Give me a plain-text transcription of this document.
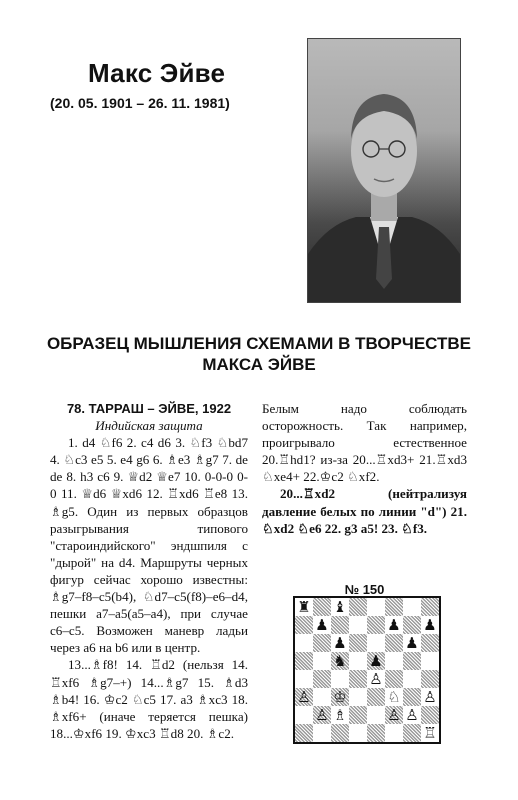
Макс Эйве
(20. 05. 1901 – 26. 11. 1981)
ОБРАЗЕЦ МЫШЛЕНИЯ СХЕМАМИ В ТВОРЧЕСТВЕ
МАКСА ЭЙВЕ

78. ТАРРАШ – ЭЙВЕ, 1922

Индийская защита

1. d4 ♘f6 2. c4 d6 3. ♘f3 ♘bd7 4. ♘c3 e5 5. e4 g6 6. ♗e3 ♗g7 7. de de 8. h3 c6 9. ♕d2 ♕e7 10. 0-0-0 0-0 11. ♕d6 ♕xd6 12. ♖xd6 ♖e8 13. ♗g5. Один из первых образцов разыгрывания типового "староиндийского" эндшпиля с "дырой" на d4. Маршруты черных фигур сейчас хорошо известны: ♗g7–f8–c5(b4), ♘d7–c5(f8)–e6–d4, пешки a7–a5(a5–a4), при случае c6–c5. Возможен маневр ладьи через a6 на b6 или в центр.

13...♗f8! 14. ♖d2 (нельзя 14. ♖xf6 ♗g7–+) 14...♗g7 15. ♗d3 ♗b4! 16. ♔c2 ♘c5 17. a3 ♗xc3 18. ♗xf6+ (иначе теряется пешка) 18...♔xf6 19. ♔xc3 ♖d8 20. ♗c2.

Белым надо соблюдать осторожность. Так например, проигрывало естественное 20.♖hd1? из-за 20...♖xd3+ 21.♖xd3 ♘xe4+ 22.♔c2 ♘xf2.

20...♖xd2 (нейтрализуя давление белых по линии "d") 21. ♘xd2 ♘e6 22. g3 a5! 23. ♘f3.

№ 150
♜ ♝
♟	♟ ♟
♟	♟
♞ ♟
♙
♙ ♔	♘ ♙
♙ ♗	♙ ♙
♖
